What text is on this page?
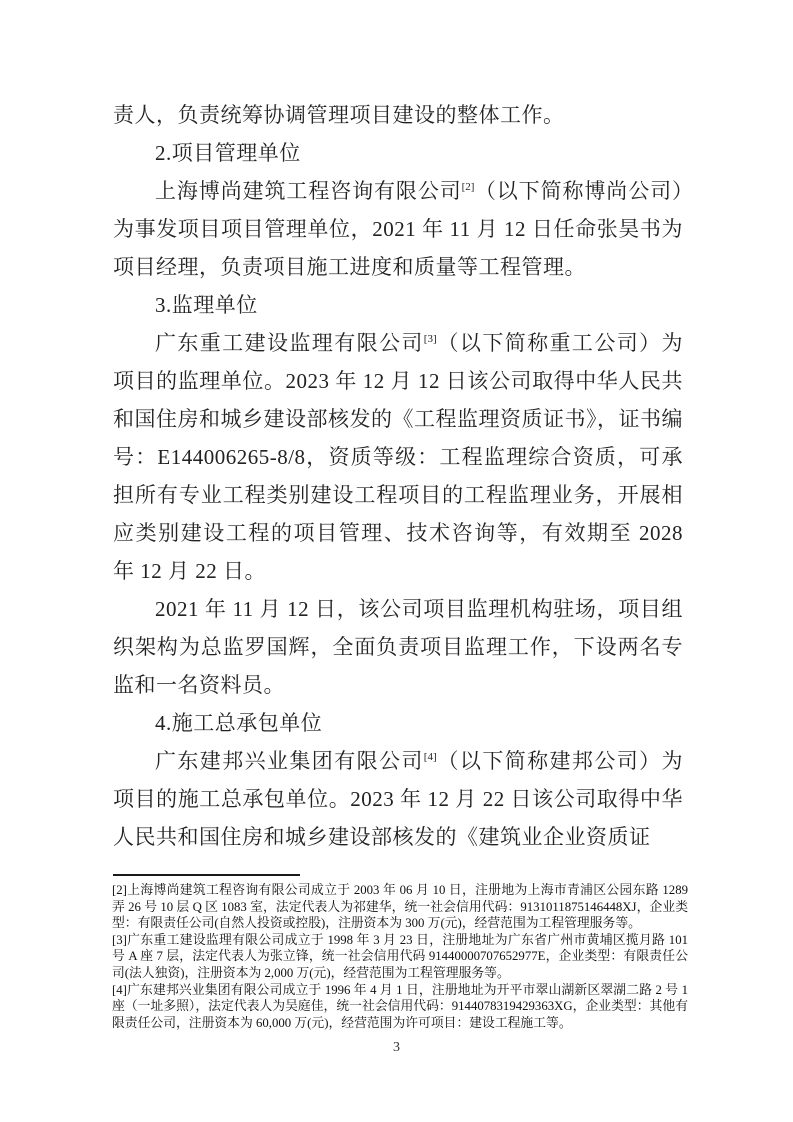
责人，负责统筹协调管理项目建设的整体工作。

2.项目管理单位

上海博尚建筑工程咨询有限公司[2]（以下简称博尚公司）为事发项目项目管理单位，2021 年 11 月 12 日任命张昊书为项目经理，负责项目施工进度和质量等工程管理。

3.监理单位

广东重工建设监理有限公司[3]（以下简称重工公司）为项目的监理单位。2023 年 12 月 12 日该公司取得中华人民共和国住房和城乡建设部核发的《工程监理资质证书》，证书编号：E144006265-8/8，资质等级：工程监理综合资质，可承担所有专业工程类别建设工程项目的工程监理业务，开展相应类别建设工程的项目管理、技术咨询等，有效期至 2028 年 12 月 22 日。

2021 年 11 月 12 日，该公司项目监理机构驻场，项目组织架构为总监罗国辉，全面负责项目监理工作，下设两名专监和一名资料员。

4.施工总承包单位

广东建邦兴业集团有限公司[4]（以下简称建邦公司）为项目的施工总承包单位。2023 年 12 月 22 日该公司取得中华人民共和国住房和城乡建设部核发的《建筑业企业资质证

[2]上海博尚建筑工程咨询有限公司成立于 2003 年 06 月 10 日，注册地为上海市青浦区公园东路 1289 弄 26 号 10 层 Q 区 1083 室，法定代表人为祁建华，统一社会信用代码：9131011875146448XJ，企业类型：有限责任公司(自然人投资或控股)，注册资本为 300 万(元)，经营范围为工程管理服务等。

[3]广东重工建设监理有限公司成立于 1998 年 3 月 23 日，注册地址为广东省广州市黄埔区揽月路 101 号 A 座 7 层，法定代表人为张立锋，统一社会信用代码 91440000707652977E，企业类型：有限责任公司(法人独资)，注册资本为 2,000 万(元)，经营范围为工程管理服务等。

[4]广东建邦兴业集团有限公司成立于 1996 年 4 月 1 日，注册地址为开平市翠山湖新区翠湖二路 2 号 1 座（一址多照），法定代表人为吴庭佳，统一社会信用代码：9144078319429363XG，企业类型：其他有限责任公司，注册资本为 60,000 万(元)，经营范围为许可项目：建设工程施工等。

3
